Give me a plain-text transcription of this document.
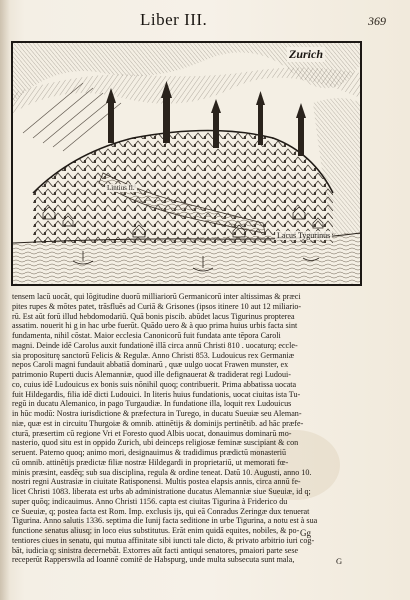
Liber III.	369
Zurich
Lintius fl.
Lacus Tygurinus
tensem lacū uocāt, qui lōgitudine duorū milliariorū Germanicorū inter altissimas & præci
pites rupes & mōtes patet, trāsfluēs ad Curiā & Grisones (ipsos itinere 10 aut 12 miliario-
rū. Est aūt forū illud hebdomodariū. Quā bonis piscib. abūdet lacus Tigurinus propterea
assatim. nouerit hi g in hac urbe fuerūt. Quādo uero & à quo prima huius urbis facta sint
fundamenta, nihil cōstat. Maior ecclesia Canonicorū fuit fundata ante tēpora Caroli
magni. Deinde idē Carolus auxit fundationē illā circa annū Christi 810 . uocaturq; eccle-
sia propositurę sanctorū Felicis & Regulæ. Anno Christi 853. Ludouicus rex Germaniæ
nepos Caroli magni fundauit abbatiā dominarū , quæ uulgo uocat Frawen munster, ex
patrimonio Ruperti ducis Alemanniæ, quod ille defignauerat & tradiderat regi Ludoui-
co, cuius idē Ludouicus ex bonis suis nōnihil quoq; contribuerit. Prima abbatissa uocata
fuit Hildegardis, filia idē dicti Ludouici. In literis huius fundationis, uocat ciuitas ista Tu-
regū in ducatu Alemanico, in pago Turgaudiæ. In fundatione illa, loquit rex Ludouicus
in hūc modū: Nostra iurisdictione & præfectura in Turego, in ducatu Sueuiæ seu Aleman-
niæ, quæ est in circuitu Thurgoiæ & omnib. attinētijs & dominijs pertinētib. ad hāc præfe-
cturā, præsertim cū regione Vri et Foresto quod Albis uocat, donauimus dominarū mo-
nasterio, quod situ est in oppido Zurich, ubi deinceps religiosæ feminæ suscipiant & con
seruent. Paterno quoq; animo mori, designauimus & tradidimus prædictū monasteriū
cū omnib. attinētijs prædictæ filiæ nostræ Hildegardi in proprietariū, ut memorati fœ-
minis præsint, easdēq; sub sua disciplina, regula & ordine teneat. Datū 10. Augusti, anno 10.
nostri regni Austrasiæ in ciuitate Ratisponensi. Multis postea elapsis annis, circa annū fe-
licet Christi 1083. liberata est urbs ab administratione ducatus Alemanniæ siue Sueuiæ, id q;
super quōq; indicauimus. Anno Christi 1156. capta est ciuitas Tigurina à Friderico du
ce Sueuiæ, q; postea facta est Rom. Imp. exclusis ijs, qui eā Conradus Zeringæ dux tenuerat
Tigurina. Anno salutis 1336. septima die Iunij facta seditione in urbe Tigurina, a notu est à sua
functione senatus aliusq; in loco eius substitutus. Erāt enim quidā equites, nobiles, & po-
tentiores ciues in senatu, qui mutua affinitate sibi iuncti tale dicto, & privato arbitrio iuri cog-
bāt, iudicia q; sinistra decernebāt. Extorres aūt facti antiqui senatores, pmaiori parte sese
receperūt Rapperswila ad Ioannē comitē de Habspurg, unde multa subsecuta sunt mala,
Gg
G
